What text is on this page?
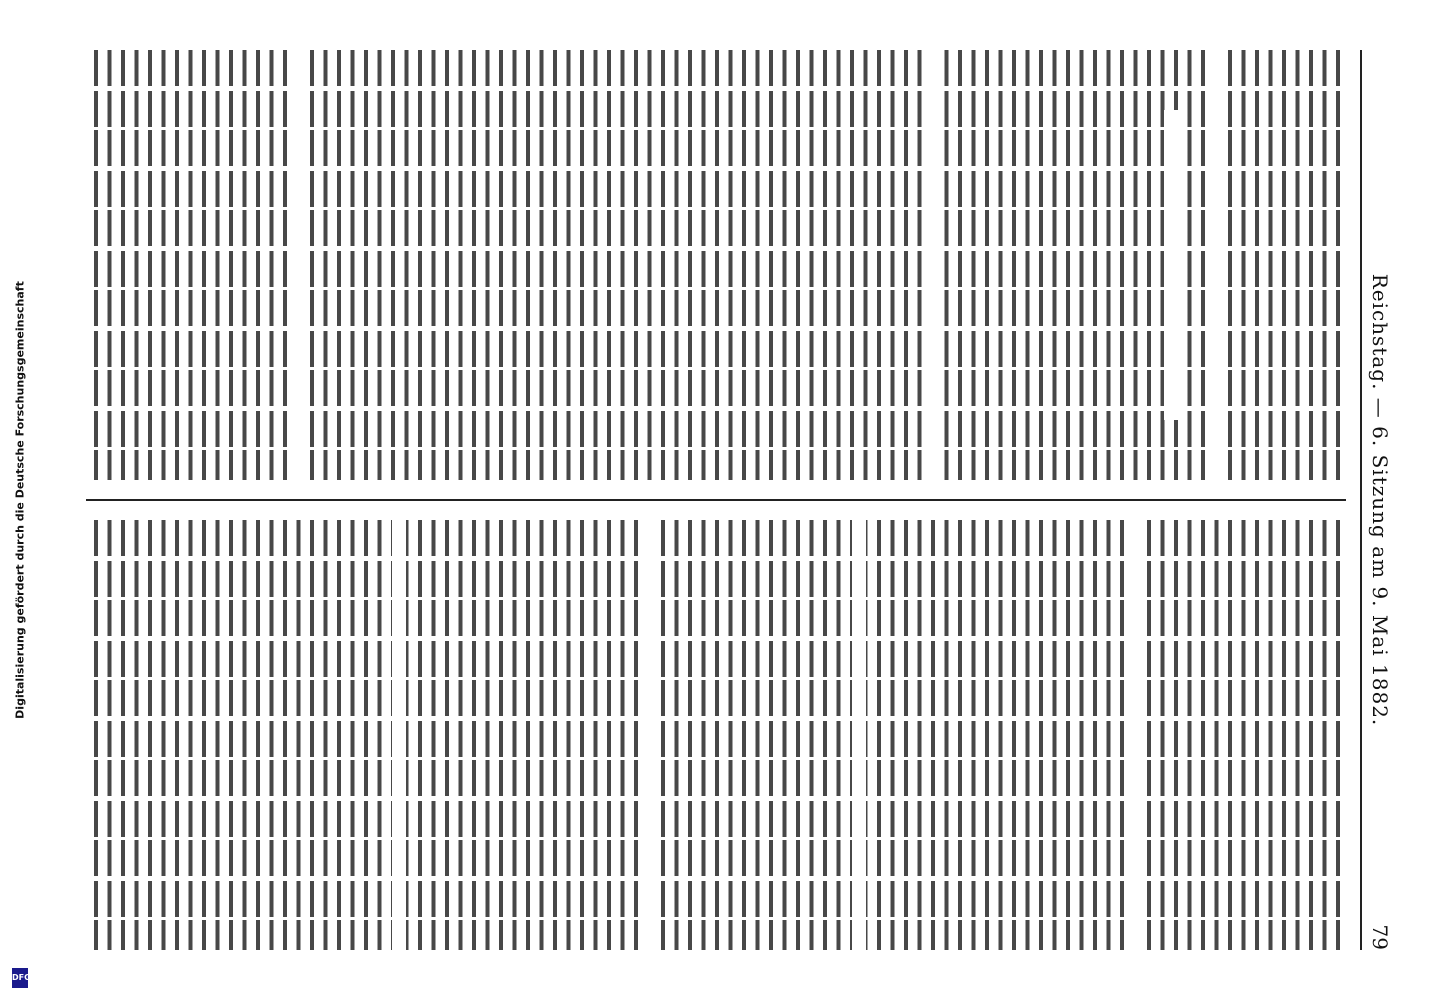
Digitalisierung gefördert durch die Deutsche Forschungsgemeinschaft
DFG
Reichstag. — 6. Sitzung am 9. Mai 1882.
79
